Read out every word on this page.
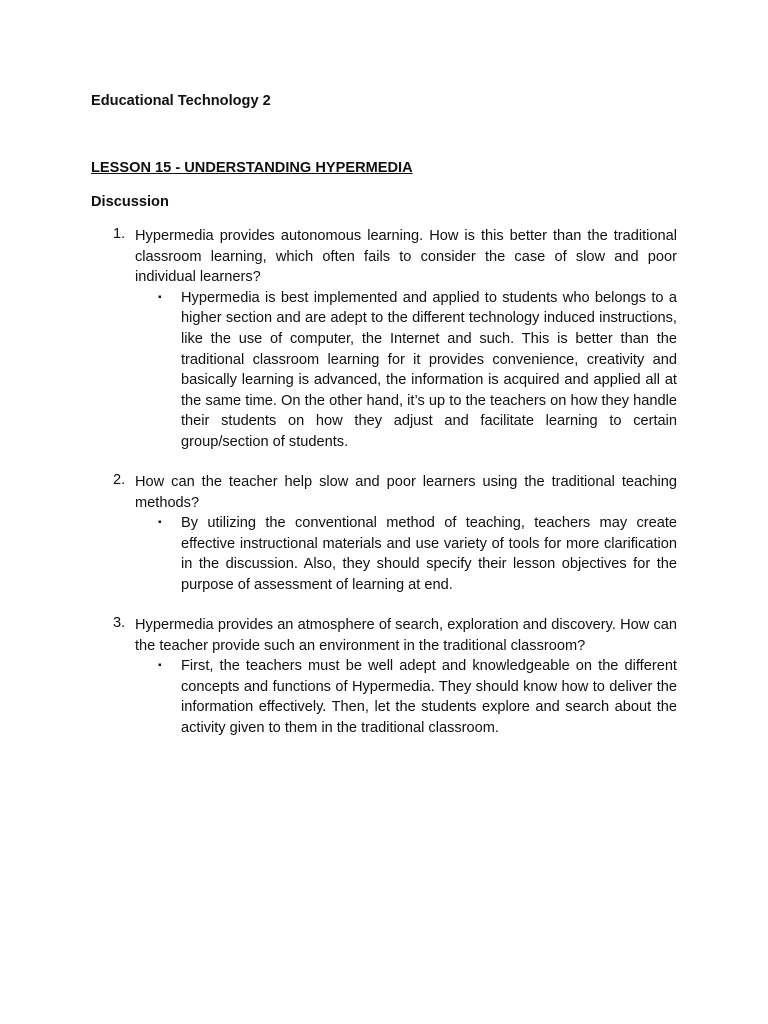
Educational Technology 2

LESSON 15 - UNDERSTANDING HYPERMEDIA

Discussion

1. Hypermedia provides autonomous learning. How is this better than the traditional classroom learning, which often fails to consider the case of slow and poor individual learners?
▪	Hypermedia is best implemented and applied to students who belongs to a higher section and are adept to the different technology induced instructions, like the use of computer, the Internet and such. This is better than the traditional classroom learning for it provides convenience, creativity and basically learning is advanced, the information is acquired and applied all at the same time. On the other hand, it’s up to the teachers on how they handle their students on how they adjust and facilitate learning to certain group/section of students.
2. How can the teacher help slow and poor learners using the traditional teaching methods?
▪	By utilizing the conventional method of teaching, teachers may create effective instructional materials and use variety of tools for more clarification in the discussion. Also, they should specify their lesson objectives for the purpose of assessment of learning at end.
3. Hypermedia provides an atmosphere of search, exploration and discovery. How can the teacher provide such an environment in the traditional classroom?
▪	First, the teachers must be well adept and knowledgeable on the different concepts and functions of Hypermedia. They should know how to deliver the information effectively. Then, let the students explore and search about the activity given to them in the traditional classroom.
